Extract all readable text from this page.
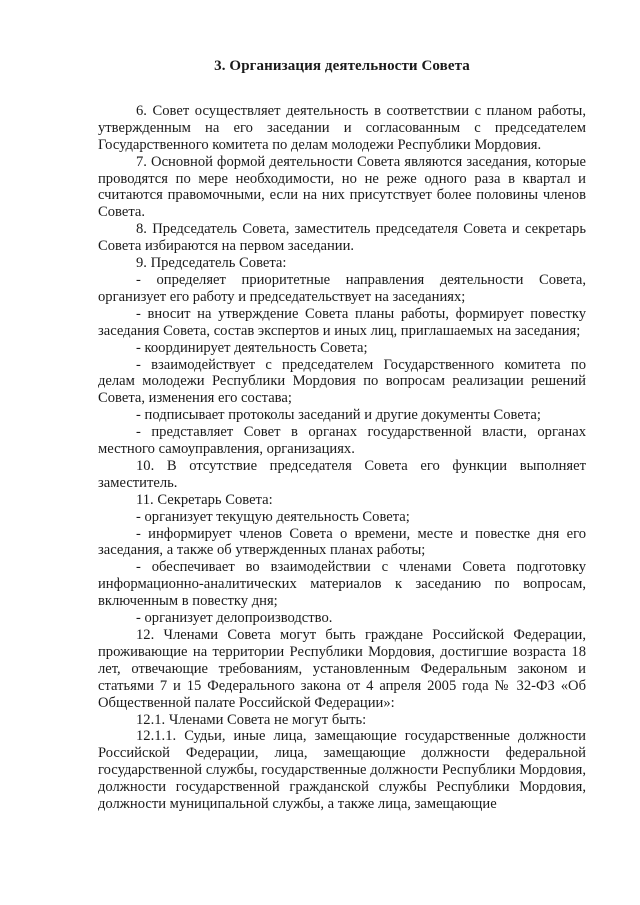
3. Организация деятельности Совета

6. Совет осуществляет деятельность в соответствии с планом работы, утвержденным на его заседании и согласованным с председателем Государственного комитета по делам молодежи Республики Мордовия.

7. Основной формой деятельности Совета являются заседания, которые проводятся по мере необходимости, но не реже одного раза в квартал и считаются правомочными, если на них присутствует более половины членов Совета.

8. Председатель Совета, заместитель председателя Совета и секретарь Совета избираются на первом заседании.

9. Председатель Совета:

- определяет приоритетные направления деятельности Совета, организует его работу и председательствует на заседаниях;

- вносит на утверждение Совета планы работы, формирует повестку заседания Совета, состав экспертов и иных лиц, приглашаемых на заседания;

- координирует деятельность Совета;

- взаимодействует с председателем Государственного комитета по делам молодежи Республики Мордовия по вопросам реализации решений Совета, изменения его состава;

- подписывает протоколы заседаний и другие документы Совета;

- представляет Совет в органах государственной власти, органах местного самоуправления, организациях.

10. В отсутствие председателя Совета его функции выполняет заместитель.

11. Секретарь Совета:

- организует текущую деятельность Совета;

- информирует членов Совета о времени, месте и повестке дня его заседания, а также об утвержденных планах работы;

- обеспечивает во взаимодействии с членами Совета подготовку информационно-аналитических материалов к заседанию по вопросам, включенным в повестку дня;

- организует делопроизводство.

12. Членами Совета могут быть граждане Российской Федерации, проживающие на территории Республики Мордовия, достигшие возраста 18 лет, отвечающие требованиям, установленным Федеральным законом и статьями 7 и 15 Федерального закона от 4 апреля 2005 года № 32-ФЗ «Об Общественной палате Российской Федерации»:

12.1. Членами Совета не могут быть:

12.1.1. Судьи, иные лица, замещающие государственные должности Российской Федерации, лица, замещающие должности федеральной государственной службы, государственные должности Республики Мордовия, должности государственной гражданской службы Республики Мордовия, должности муниципальной службы, а также лица, замещающие
